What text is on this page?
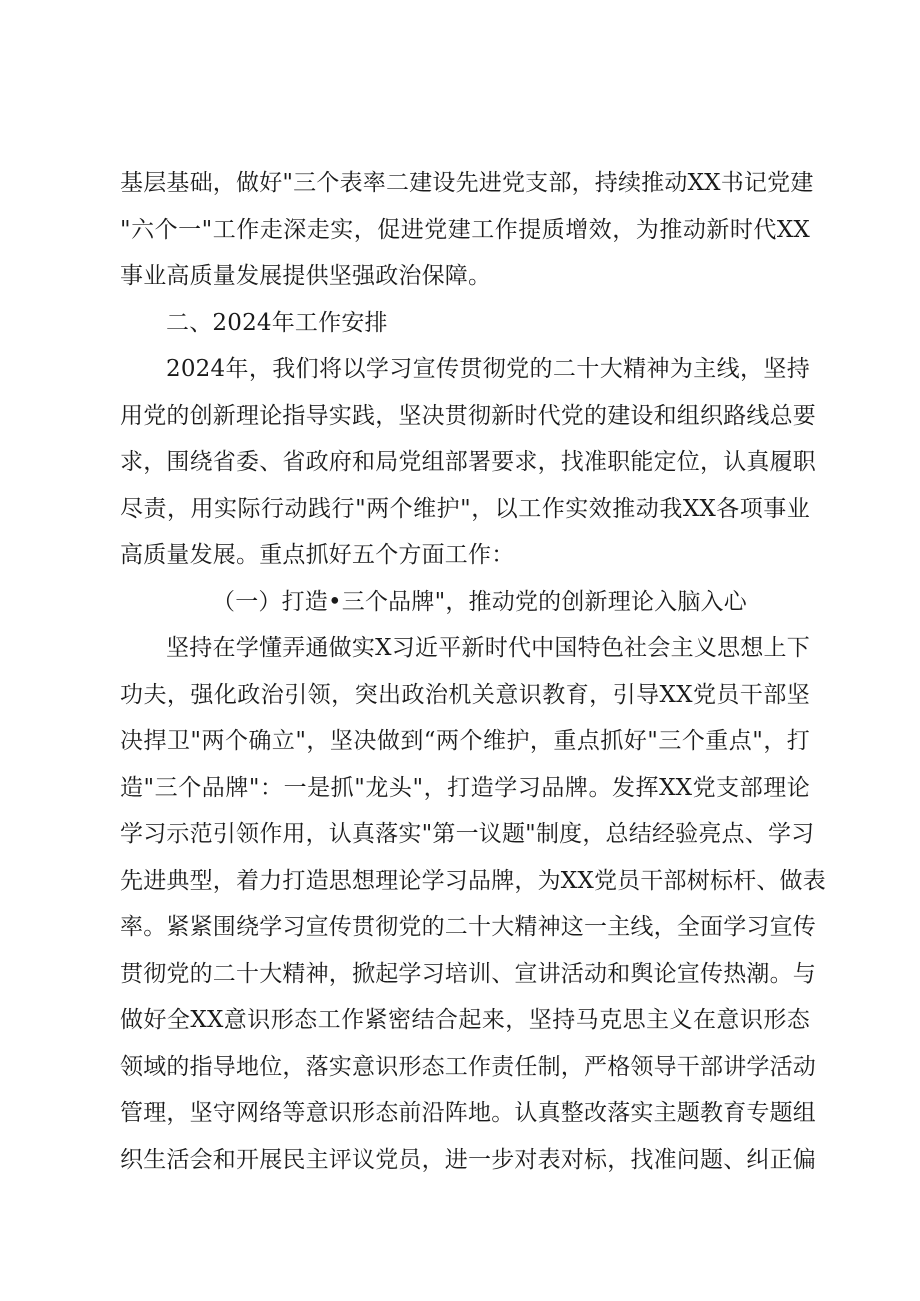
基层基础，做好"三个表率二建设先进党支部，持续推动XX书记党建
"六个一"工作走深走实，促进党建工作提质增效，为推动新时代XX
事业高质量发展提供坚强政治保障。
二、2024年工作安排
2024年，我们将以学习宣传贯彻党的二十大精神为主线，坚持
用党的创新理论指导实践，坚决贯彻新时代党的建设和组织路线总要
求，围绕省委、省政府和局党组部署要求，找准职能定位，认真履职
尽责，用实际行动践行"两个维护"，以工作实效推动我XX各项事业
高质量发展。重点抓好五个方面工作：
（一）打造•三个品牌"，推动党的创新理论入脑入心
坚持在学懂弄通做实X习近平新时代中国特色社会主义思想上下
功夫，强化政治引领，突出政治机关意识教育，引导XX党员干部坚
决捍卫"两个确立"，坚决做到“两个维护，重点抓好"三个重点"，打
造"三个品牌"：一是抓"龙头"，打造学习品牌。发挥XX党支部理论
学习示范引领作用，认真落实"第一议题"制度，总结经验亮点、学习
先进典型，着力打造思想理论学习品牌，为XX党员干部树标杆、做表
率。紧紧围绕学习宣传贯彻党的二十大精神这一主线，全面学习宣传
贯彻党的二十大精神，掀起学习培训、宣讲活动和舆论宣传热潮。与
做好全XX意识形态工作紧密结合起来，坚持马克思主义在意识形态
领域的指导地位，落实意识形态工作责任制，严格领导干部讲学活动
管理，坚守网络等意识形态前沿阵地。认真整改落实主题教育专题组
织生活会和开展民主评议党员，进一步对表对标，找准问题、纠正偏
